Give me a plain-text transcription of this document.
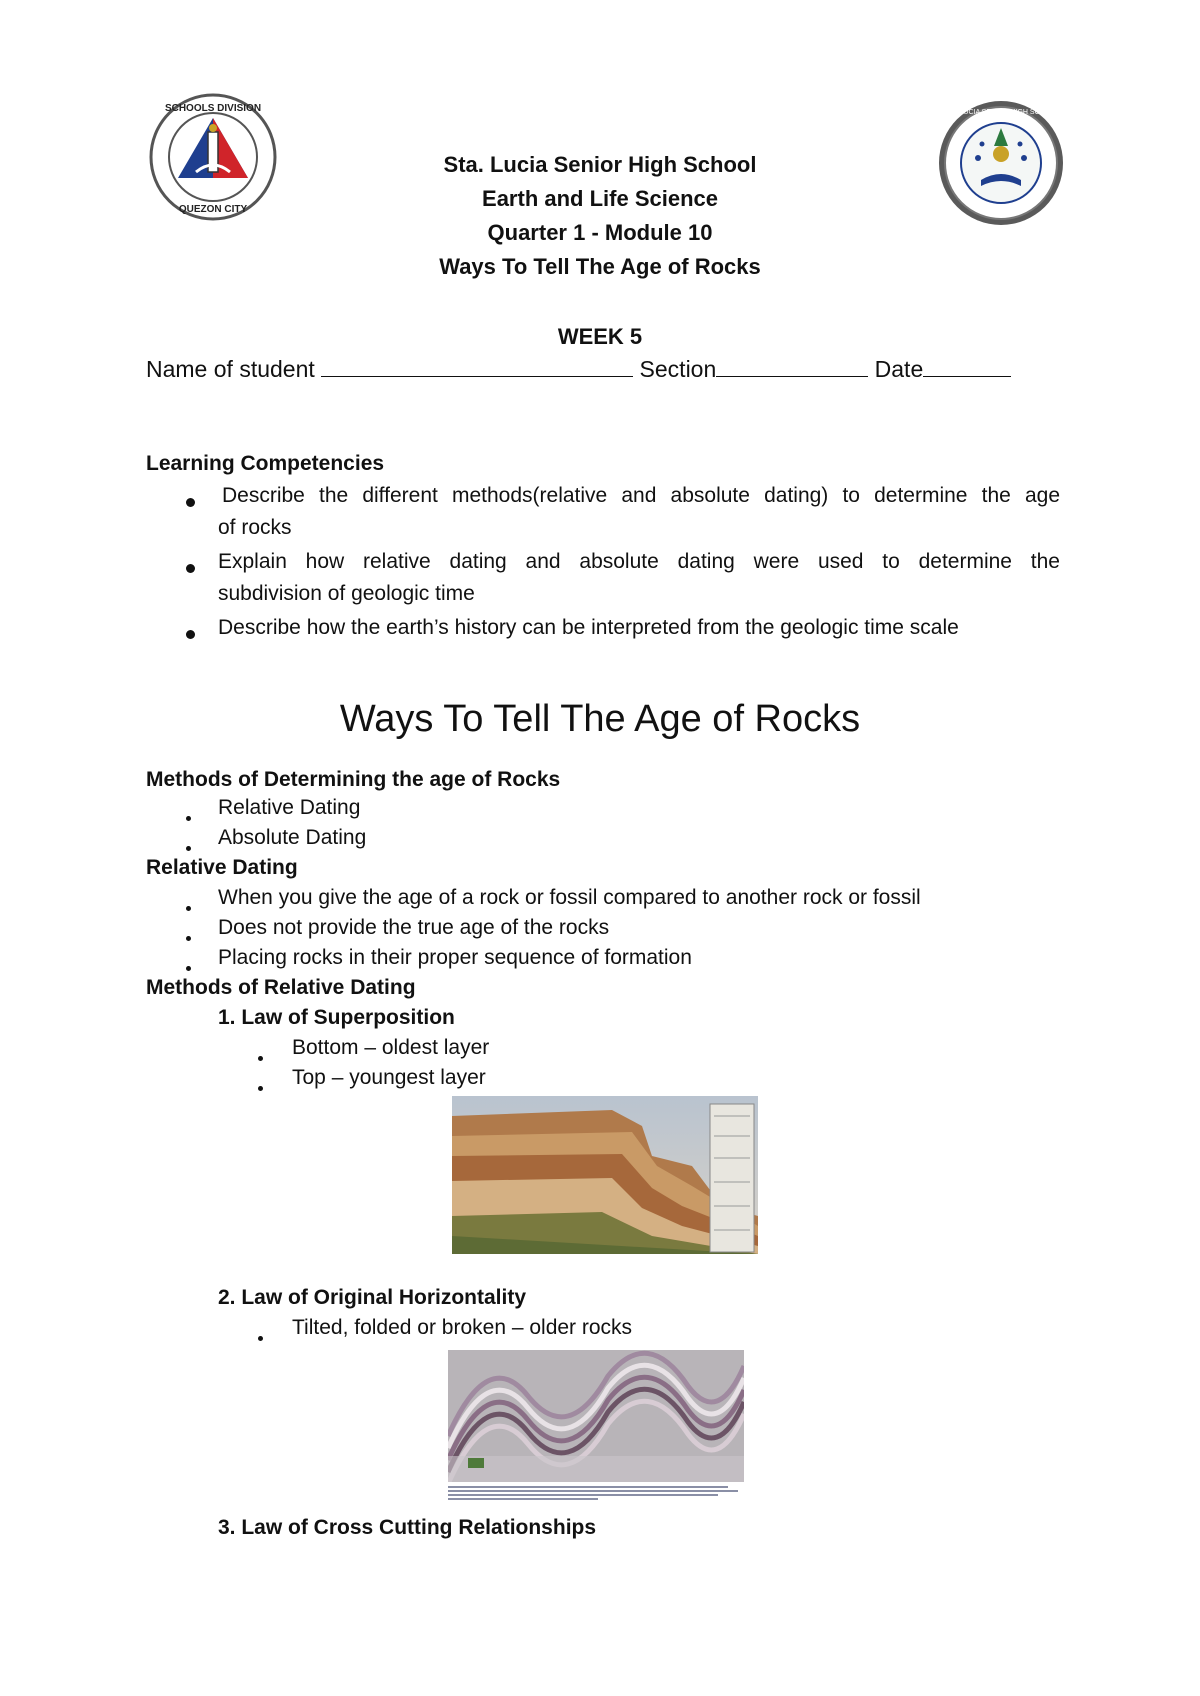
SCHOOLS DIVISION
QUEZON CITY
STA. LUCIA SENIOR HIGH SCHOOL
Sta. Lucia Senior High School
Earth and Life Science
Quarter 1 - Module 10
Ways To Tell The Age of Rocks
WEEK 5
Name of student	Section	Date
Learning Competencies
Describe the different methods(relative and absolute dating) to determine the age
of rocks
Explain how relative dating and absolute dating were used to determine the
subdivision of geologic time
Describe how the earth’s history can be interpreted from the geologic time scale
Ways To Tell The Age of Rocks
Methods of Determining the age of Rocks
Relative Dating
Absolute Dating
Relative Dating
When you give the age of a rock or fossil compared to another rock or fossil
Does not provide the true age of the rocks
Placing rocks in their proper sequence of formation
Methods of Relative Dating
1. Law of Superposition
Bottom – oldest layer
Top – youngest layer
2. Law of Original Horizontality
Tilted, folded or broken – older rocks
3. Law of Cross Cutting Relationships
